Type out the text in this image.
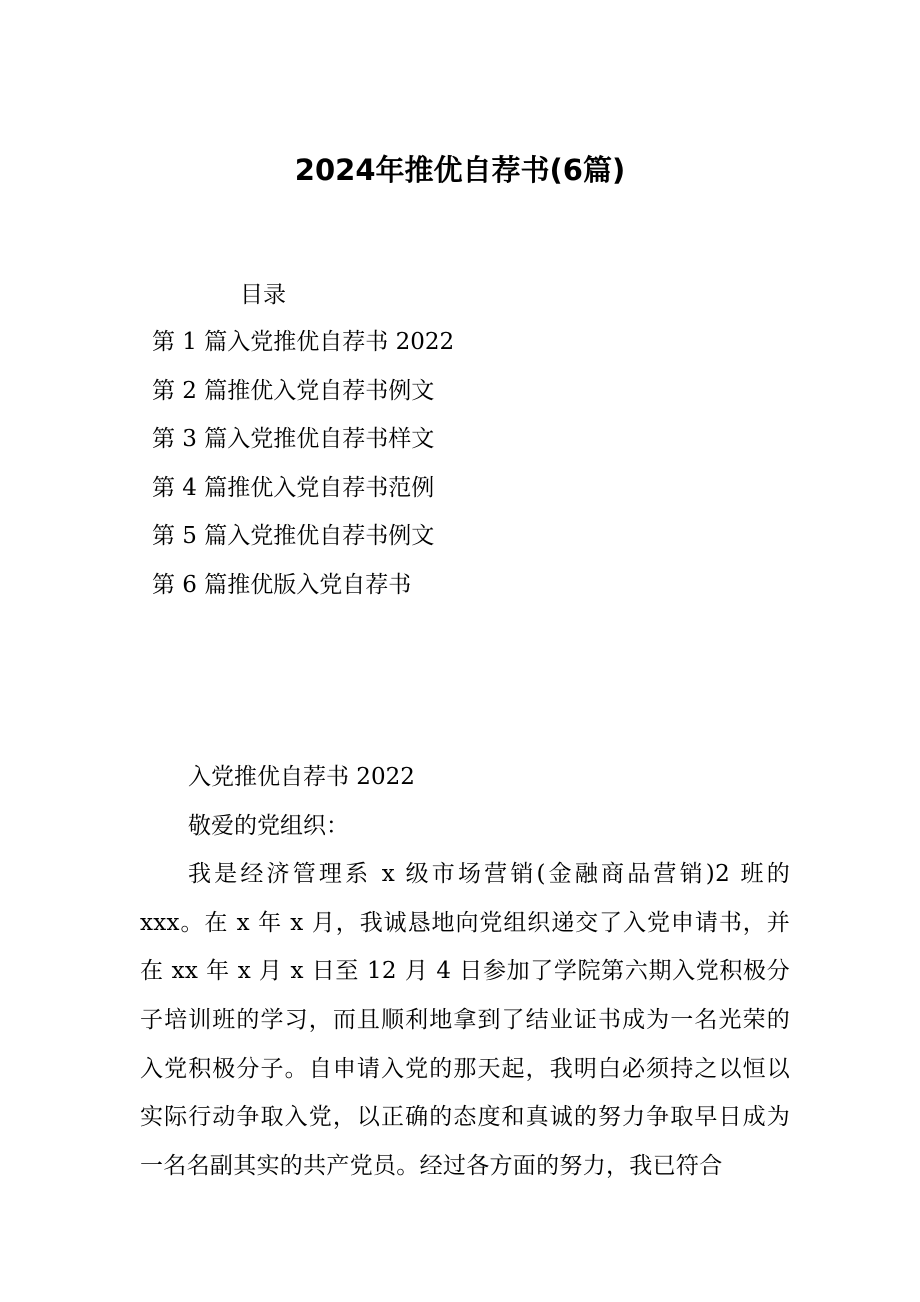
2024年推优自荐书(6篇)
目录
第 1 篇入党推优自荐书 2022
第 2 篇推优入党自荐书例文
第 3 篇入党推优自荐书样文
第 4 篇推优入党自荐书范例
第 5 篇入党推优自荐书例文
第 6 篇推优版入党自荐书

入党推优自荐书 2022

敬爱的党组织：

我是经济管理系 x 级市场营销(金融商品营销)2 班的 xxx。在 x 年 x 月，我诚恳地向党组织递交了入党申请书，并在 xx 年 x 月 x 日至 12 月 4 日参加了学院第六期入党积极分子培训班的学习，而且顺利地拿到了结业证书成为一名光荣的入党积极分子。自申请入党的那天起，我明白必须持之以恒以实际行动争取入党，以正确的态度和真诚的努力争取早日成为一名名副其实的共产党员。经过各方面的努力，我已符合
